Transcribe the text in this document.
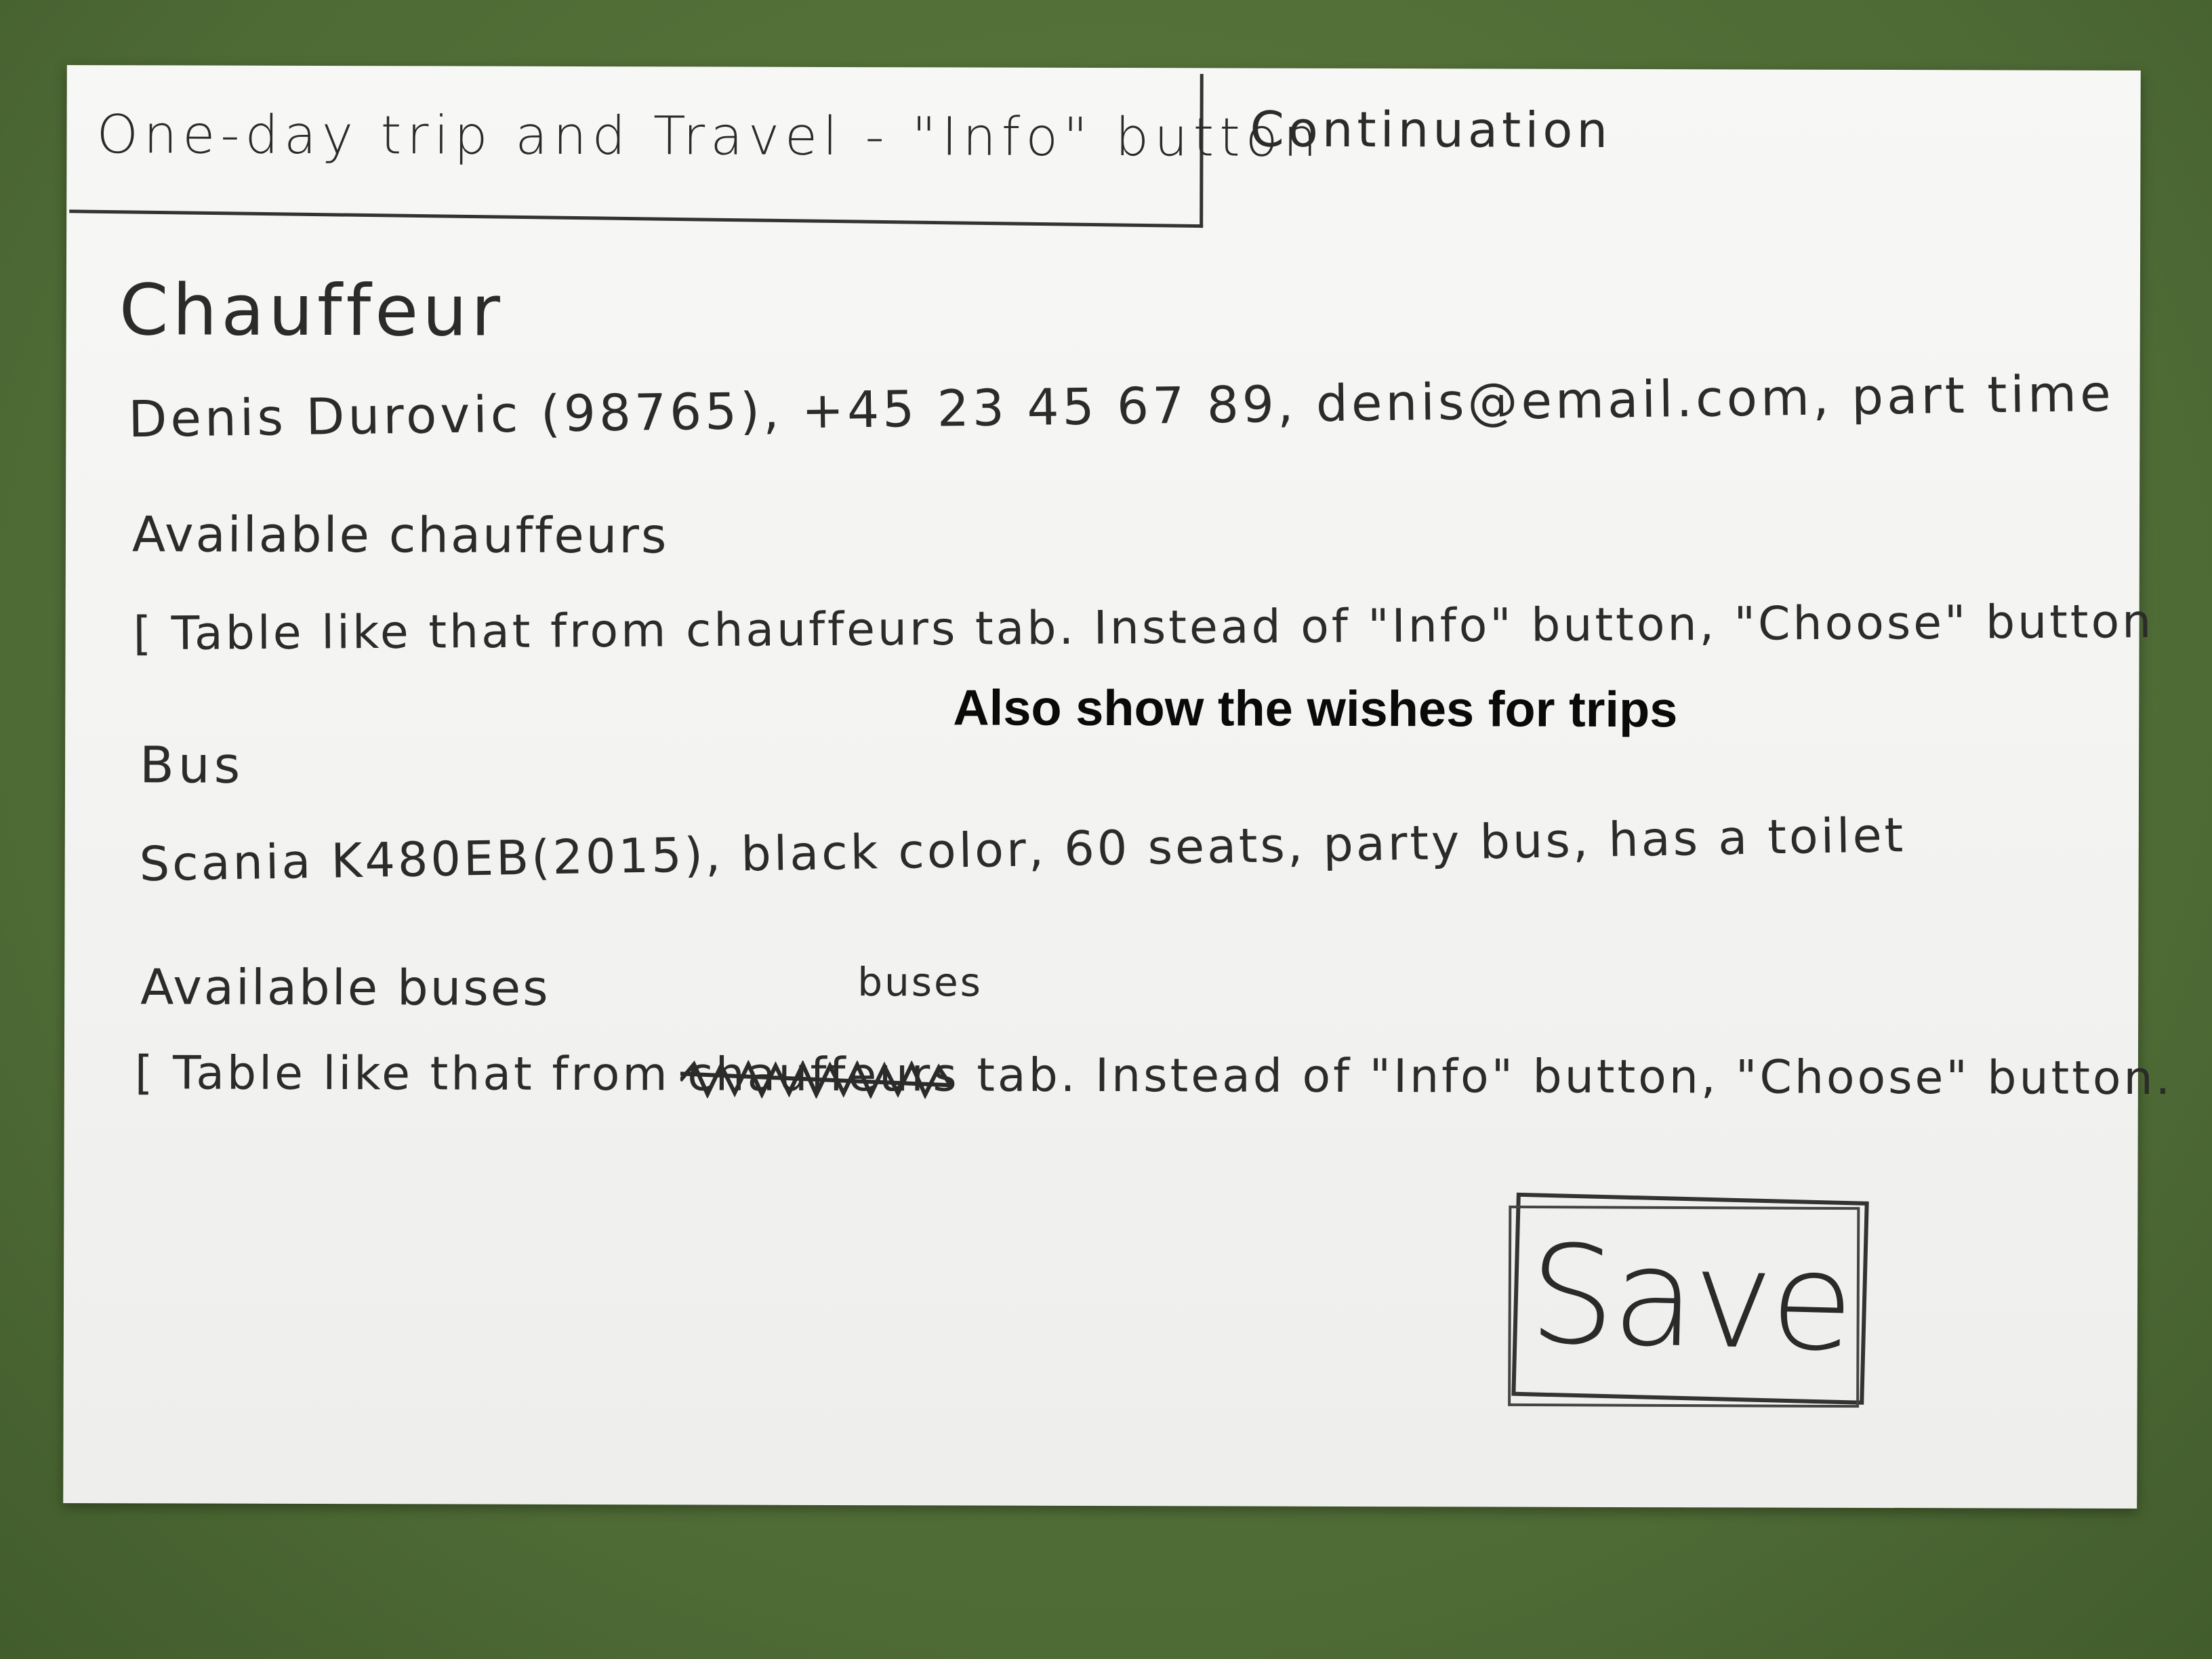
One-day trip and Travel - "Info" button
Continuation
Chauffeur
Denis Durovic (98765), +45 23 45 67 89, denis@email.com, part time
Available chauffeurs
[ Table like that from chauffeurs tab. Instead of "Info" button, "Choose" button
Also show the wishes for trips
Bus
Scania K480EB(2015), black color, 60 seats, party bus, has a toilet
Available buses	buses
[ Table like that from chauffeurs
tab. Instead of "Info" button, "Choose" button.
Save
